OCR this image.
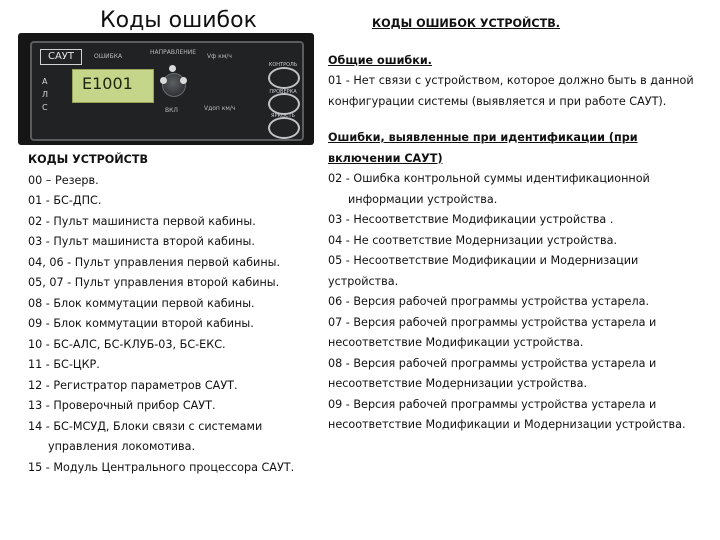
Коды ошибок
САУТ	ОШИБКА
НАПРАВЛЕНИЕ
Vф км/ч
Vдоп км/ч
ВКЛ
А
Л
С
E1001
КОНТРОЛЬ
ПРОВЕРКА
ЯРКОСТЬ
КОДЫ УСТРОЙСТВ
00 – Резерв.
01 - БС-ДПС.
02 - Пульт машиниста первой кабины.
03 - Пульт машиниста второй кабины.
04, 06 - Пульт управления первой кабины.
05, 07 - Пульт управления второй кабины.
08 - Блок коммутации первой кабины.
09 - Блок коммутации второй кабины.
10 - БС-АЛС, БС-КЛУБ-03, БС-ЕКС.
11 - БС-ЦКР.
12 - Регистратор параметров САУТ.
13 - Проверочный прибор САУТ.
14 - БС-МСУД, Блоки связи с системами управления локомотива.
15 - Модуль Центрального процессора САУТ.

КОДЫ ОШИБОК УСТРОЙСТВ.

Общие ошибки.

01 - Нет связи с устройством, которое должно быть в данной конфигурации системы (выявляется и при работе САУТ).

Ошибки, выявленные при идентификации (при включении САУТ)

02 - Ошибка контрольной суммы идентификационной информации устройства.

03 - Несоответствие Модификации устройства .

04 - Не соответствие Модернизации устройства.

05 - Несоответствие Модификации и Модернизации устройства.

06 - Версия рабочей программы устройства устарела.

07 - Версия рабочей программы устройства устарела и несоответствие Модификации устройства.

08 - Версия рабочей программы устройства устарела и несоответствие Модернизации устройства.

09 - Версия рабочей программы устройства устарела и несоответствие Модификации и Модернизации устройства.
